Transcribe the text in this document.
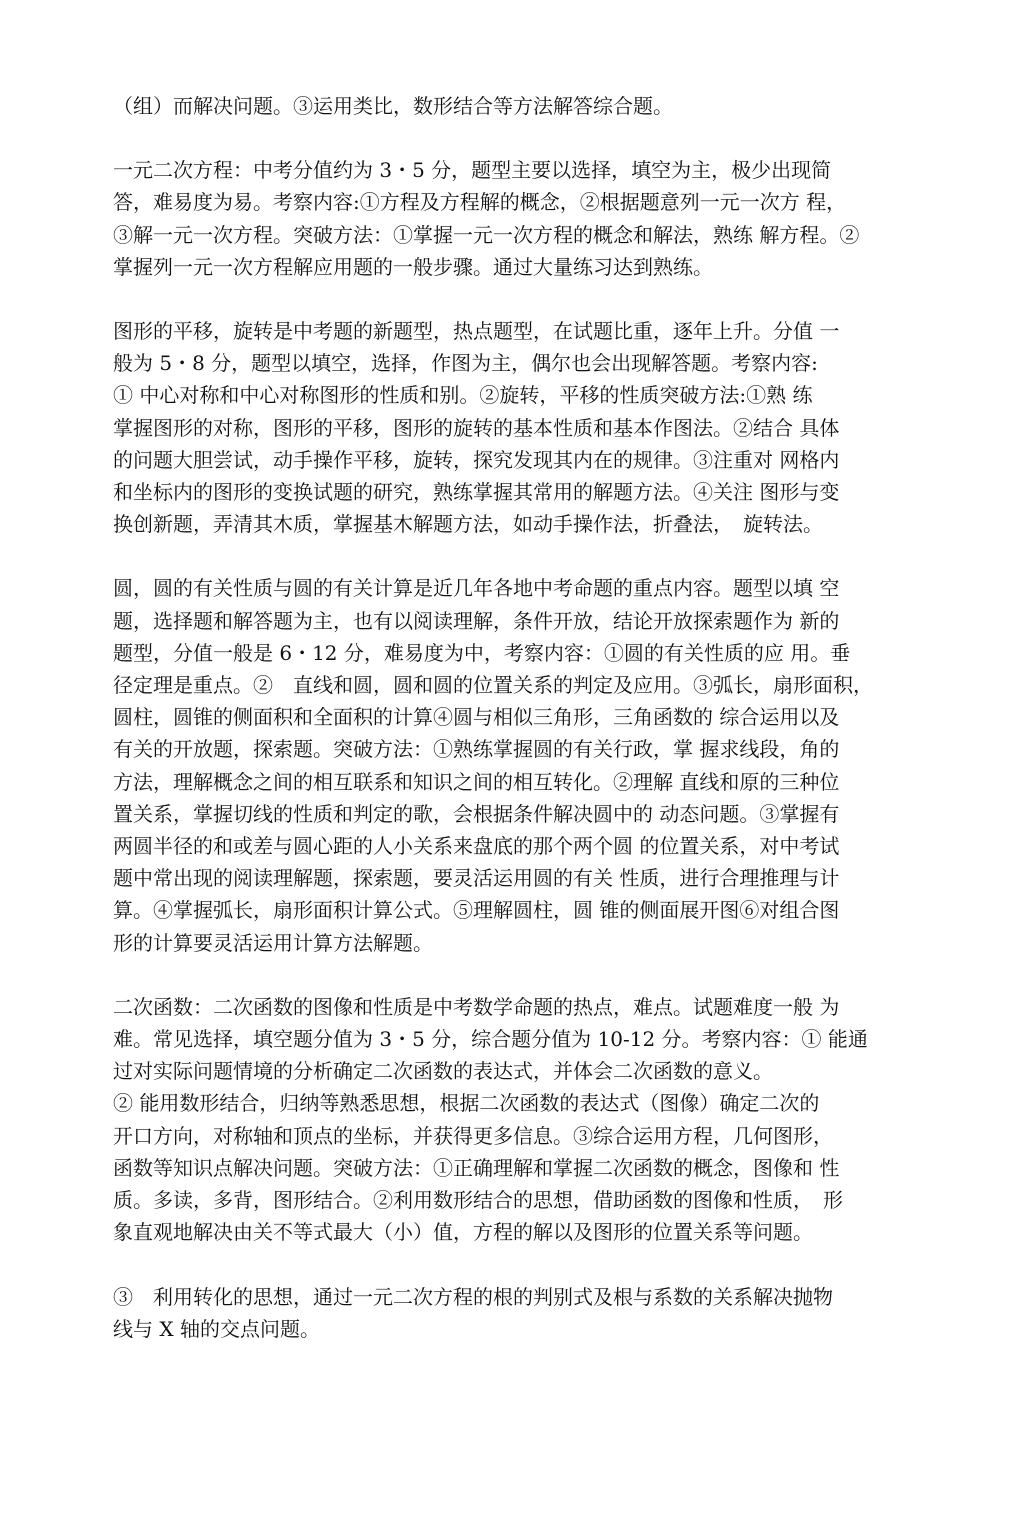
（组）而解决问题。③运用类比，数形结合等方法解答综合题。

一元二次方程：中考分值约为 3・5 分，题型主要以选择，填空为主，极少出现简
答，难易度为易。考察内容:①方程及方程解的概念，②根据题意列一元一次方 程，
③解一元一次方程。突破方法：①掌握一元一次方程的概念和解法，熟练 解方程。②
掌握列一元一次方程解应用题的一般步骤。通过大量练习达到熟练。

图形的平移，旋转是中考题的新题型，热点题型，在试题比重，逐年上升。分值 一
般为 5・8 分，题型以填空，选择，作图为主，偶尔也会出现解答题。考察内容:
① 中心对称和中心对称图形的性质和别。②旋转，平移的性质突破方法:①熟 练
掌握图形的对称，图形的平移，图形的旋转的基本性质和基本作图法。②结合 具体
的问题大胆尝试，动手操作平移，旋转，探究发现其内在的规律。③注重对 网格内
和坐标内的图形的变换试题的研究，熟练掌握其常用的解题方法。④关注 图形与变
换创新题，弄清其木质，掌握基木解题方法，如动手操作法，折叠法，　旋转法。

圆，圆的有关性质与圆的有关计算是近几年各地中考命题的重点内容。题型以填 空
题，选择题和解答题为主，也有以阅读理解，条件开放，结论开放探索题作为 新的
题型，分值一般是 6・12 分，难易度为中，考察内容：①圆的有关性质的应 用。垂
径定理是重点。②　直线和圆，圆和圆的位置关系的判定及应用。③弧长，扇形面积，
圆柱，圆锥的侧面积和全面积的计算④圆与相似三角形，三角函数的 综合运用以及
有关的开放题，探索题。突破方法：①熟练掌握圆的有关行政，掌 握求线段，角的
方法，理解概念之间的相互联系和知识之间的相互转化。②理解 直线和原的三种位
置关系，掌握切线的性质和判定的歌，会根据条件解决圆中的 动态问题。③掌握有
两圆半径的和或差与圆心距的人小关系来盘底的那个两个圆 的位置关系，对中考试
题中常出现的阅读理解题，探索题，要灵活运用圆的有关 性质，进行合理推理与计
算。④掌握弧长，扇形面积计算公式。⑤理解圆柱，圆 锥的侧面展开图⑥对组合图
形的计算要灵活运用计算方法解题。

二次函数：二次函数的图像和性质是中考数学命题的热点，难点。试题难度一般 为
难。常见选择，填空题分值为 3・5 分，综合题分值为 10-12 分。考察内容：① 能通
过对实际问题情境的分析确定二次函数的表达式，并体会二次函数的意义。
② 能用数形结合，归纳等熟悉思想，根据二次函数的表达式（图像）确定二次的
开口方向，对称轴和顶点的坐标，并获得更多信息。③综合运用方程，几何图形，
函数等知识点解决问题。突破方法：①正确理解和掌握二次函数的概念，图像和 性
质。多读，多背，图形结合。②利用数形结合的思想，借助函数的图像和性质，　形
象直观地解决由关不等式最大（小）值，方程的解以及图形的位置关系等问题。

③　利用转化的思想，通过一元二次方程的根的判别式及根与系数的关系解决抛物
线与 X 轴的交点问题。
